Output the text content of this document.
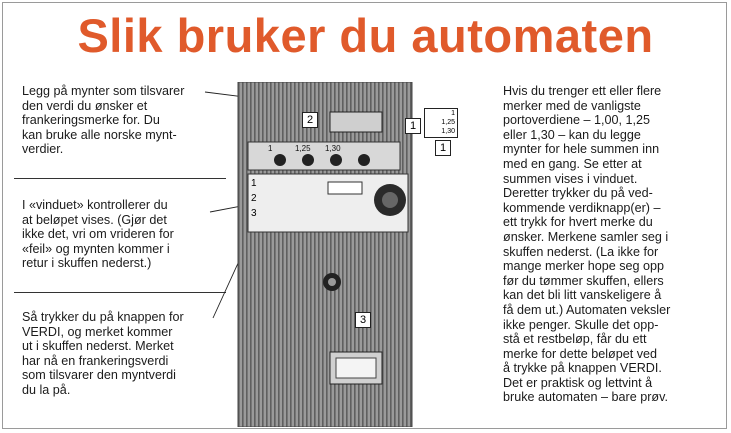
Slik bruker du automaten
Legg på mynter som tilsvarer
den verdi du ønsker et
frankeringsmerke for. Du
kan bruke alle norske mynt-
verdier.
I «vinduet» kontrollerer du
at beløpet vises. (Gjør det
ikke det, vri om vrideren for
«feil» og mynten kommer i
retur i skuffen nederst.)
Så trykker du på knappen for
VERDI, og merket kommer
ut i skuffen nederst. Merket
har nå en frankeringsverdi
som tilsvarer den myntverdi
du la på.
Hvis du trenger ett eller flere
merker med de vanligste
portoverdiene – 1,00, 1,25
eller 1,30 – kan du legge
mynter for hele summen inn
med en gang. Se etter at
summen vises i vinduet.
Deretter trykker du på ved-
kommende verdiknapp(er) –
ett trykk for hvert merke du
ønsker. Merkene samler seg i
skuffen nederst. (La ikke for
mange merker hope seg opp
før du tømmer skuffen, ellers
kan det bli litt vanskeligere å
få dem ut.) Automaten veksler
ikke penger. Skulle det opp-
stå et restbeløp, får du ett
merke for dette beløpet ved
å trykke på knappen VERDI.
Det er praktisk og lettvint å
bruke automaten – bare prøv.
2	1
1
3
1
1,25
1,30
1	1,25 1,30
1
2
3
